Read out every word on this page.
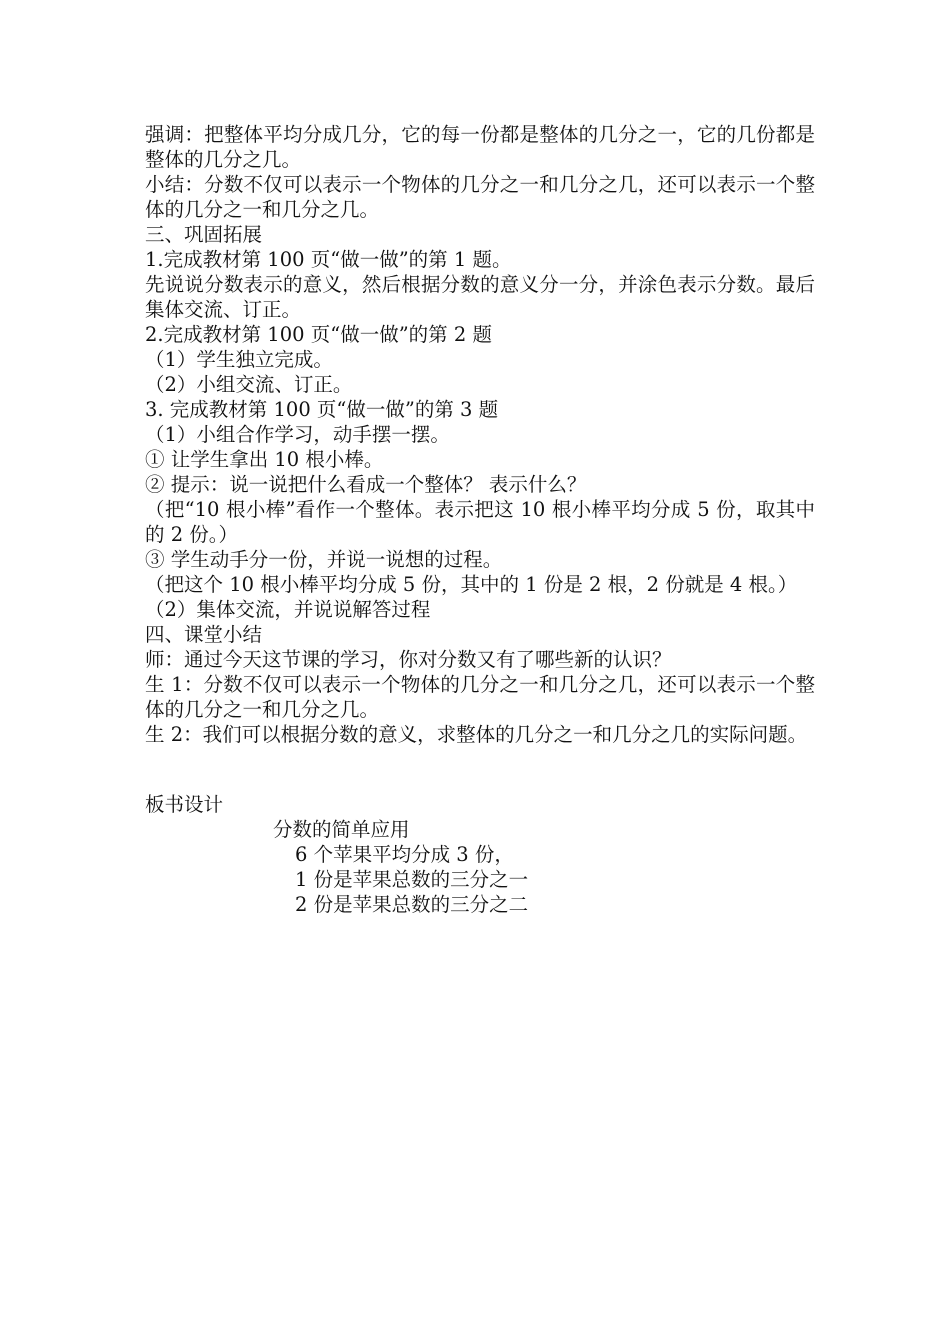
强调：把整体平均分成几分，它的每一份都是整体的几分之一，它的几份都是整体的几分之几。

小结：分数不仅可以表示一个物体的几分之一和几分之几，还可以表示一个整体的几分之一和几分之几。

三、巩固拓展

1.完成教材第 100 页“做一做”的第 1 题。

先说说分数表示的意义，然后根据分数的意义分一分，并涂色表示分数。最后集体交流、订正。

2.完成教材第 100 页“做一做”的第 2 题

（1）学生独立完成。

（2）小组交流、订正。

3. 完成教材第 100 页“做一做”的第 3 题

（1）小组合作学习，动手摆一摆。

① 让学生拿出 10 根小棒。

② 提示：说一说把什么看成一个整体？ 表示什么？

（把“10 根小棒”看作一个整体。表示把这 10 根小棒平均分成 5 份，取其中的 2 份。）

③ 学生动手分一份，并说一说想的过程。

（把这个 10 根小棒平均分成 5 份，其中的 1 份是 2 根，2 份就是 4 根。）

（2）集体交流，并说说解答过程

四、课堂小结

师：通过今天这节课的学习，你对分数又有了哪些新的认识？

生 1：分数不仅可以表示一个物体的几分之一和几分之几，还可以表示一个整体的几分之一和几分之几。

生 2：我们可以根据分数的意义，求整体的几分之一和几分之几的实际问题。

板书设计

分数的简单应用

6 个苹果平均分成 3 份，

1 份是苹果总数的三分之一

2 份是苹果总数的三分之二
